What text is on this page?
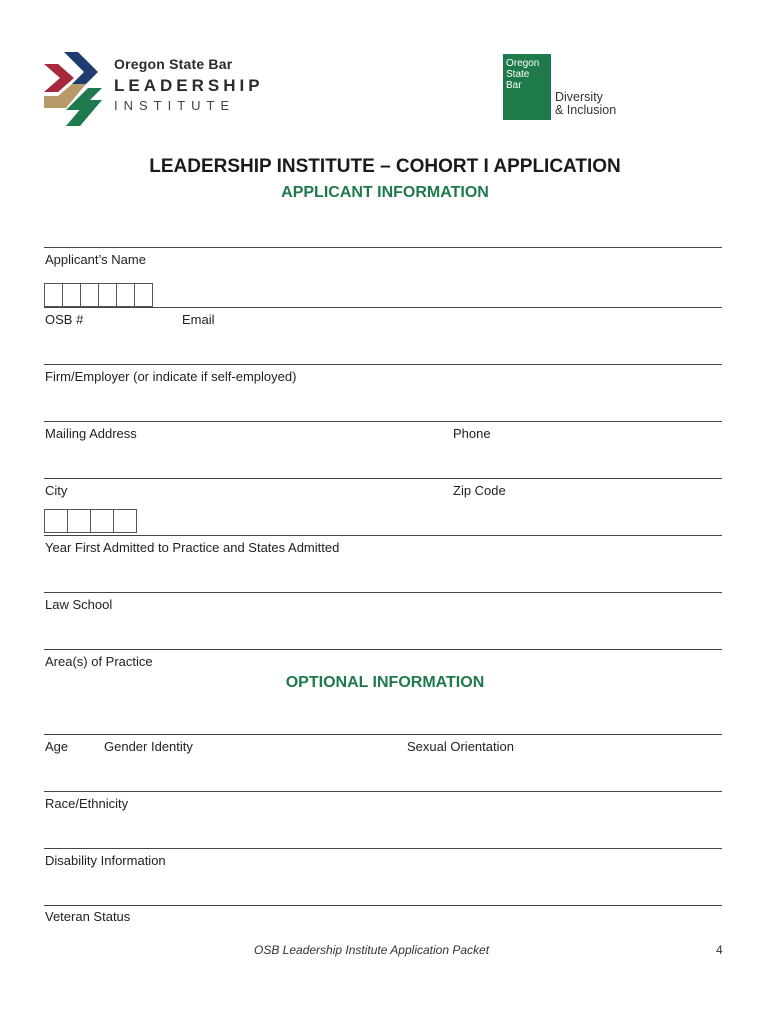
Oregon State Bar
LEADERSHIP
INSTITUTE
Oregon
State
Bar
Diversity
& Inclusion
LEADERSHIP INSTITUTE – COHORT I APPLICATION
APPLICANT INFORMATION
Applicant’s Name
OSB #	Email
Firm/Employer (or indicate if self-employed)
Mailing Address	Phone
City	Zip Code
Year First Admitted to Practice and States Admitted
Law School
Area(s) of Practice
OPTIONAL INFORMATION
Age	Gender Identity	Sexual Orientation
Race/Ethnicity
Disability Information
Veteran Status
OSB Leadership Institute Application Packet	4
